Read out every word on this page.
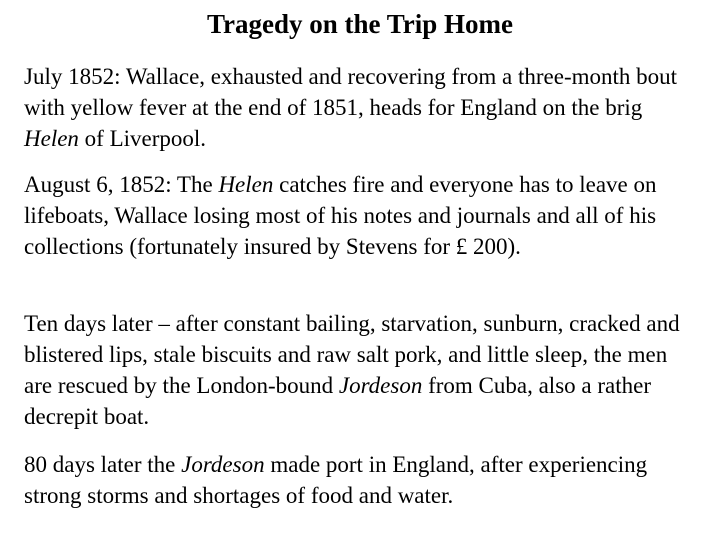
Tragedy on the Trip Home

July 1852: Wallace, exhausted and recovering from a three-month bout with yellow fever at the end of 1851, heads for England on the brig Helen of Liverpool.

August 6, 1852: The Helen catches fire and everyone has to leave on lifeboats, Wallace losing most of his notes and journals and all of his collections (fortunately insured by Stevens for £ 200).

Ten days later – after constant bailing, starvation, sunburn, cracked and blistered lips, stale biscuits and raw salt pork, and little sleep, the men are rescued by the London-bound Jordeson from Cuba, also a rather decrepit boat.

80 days later the Jordeson made port in England, after experiencing strong storms and shortages of food and water.
